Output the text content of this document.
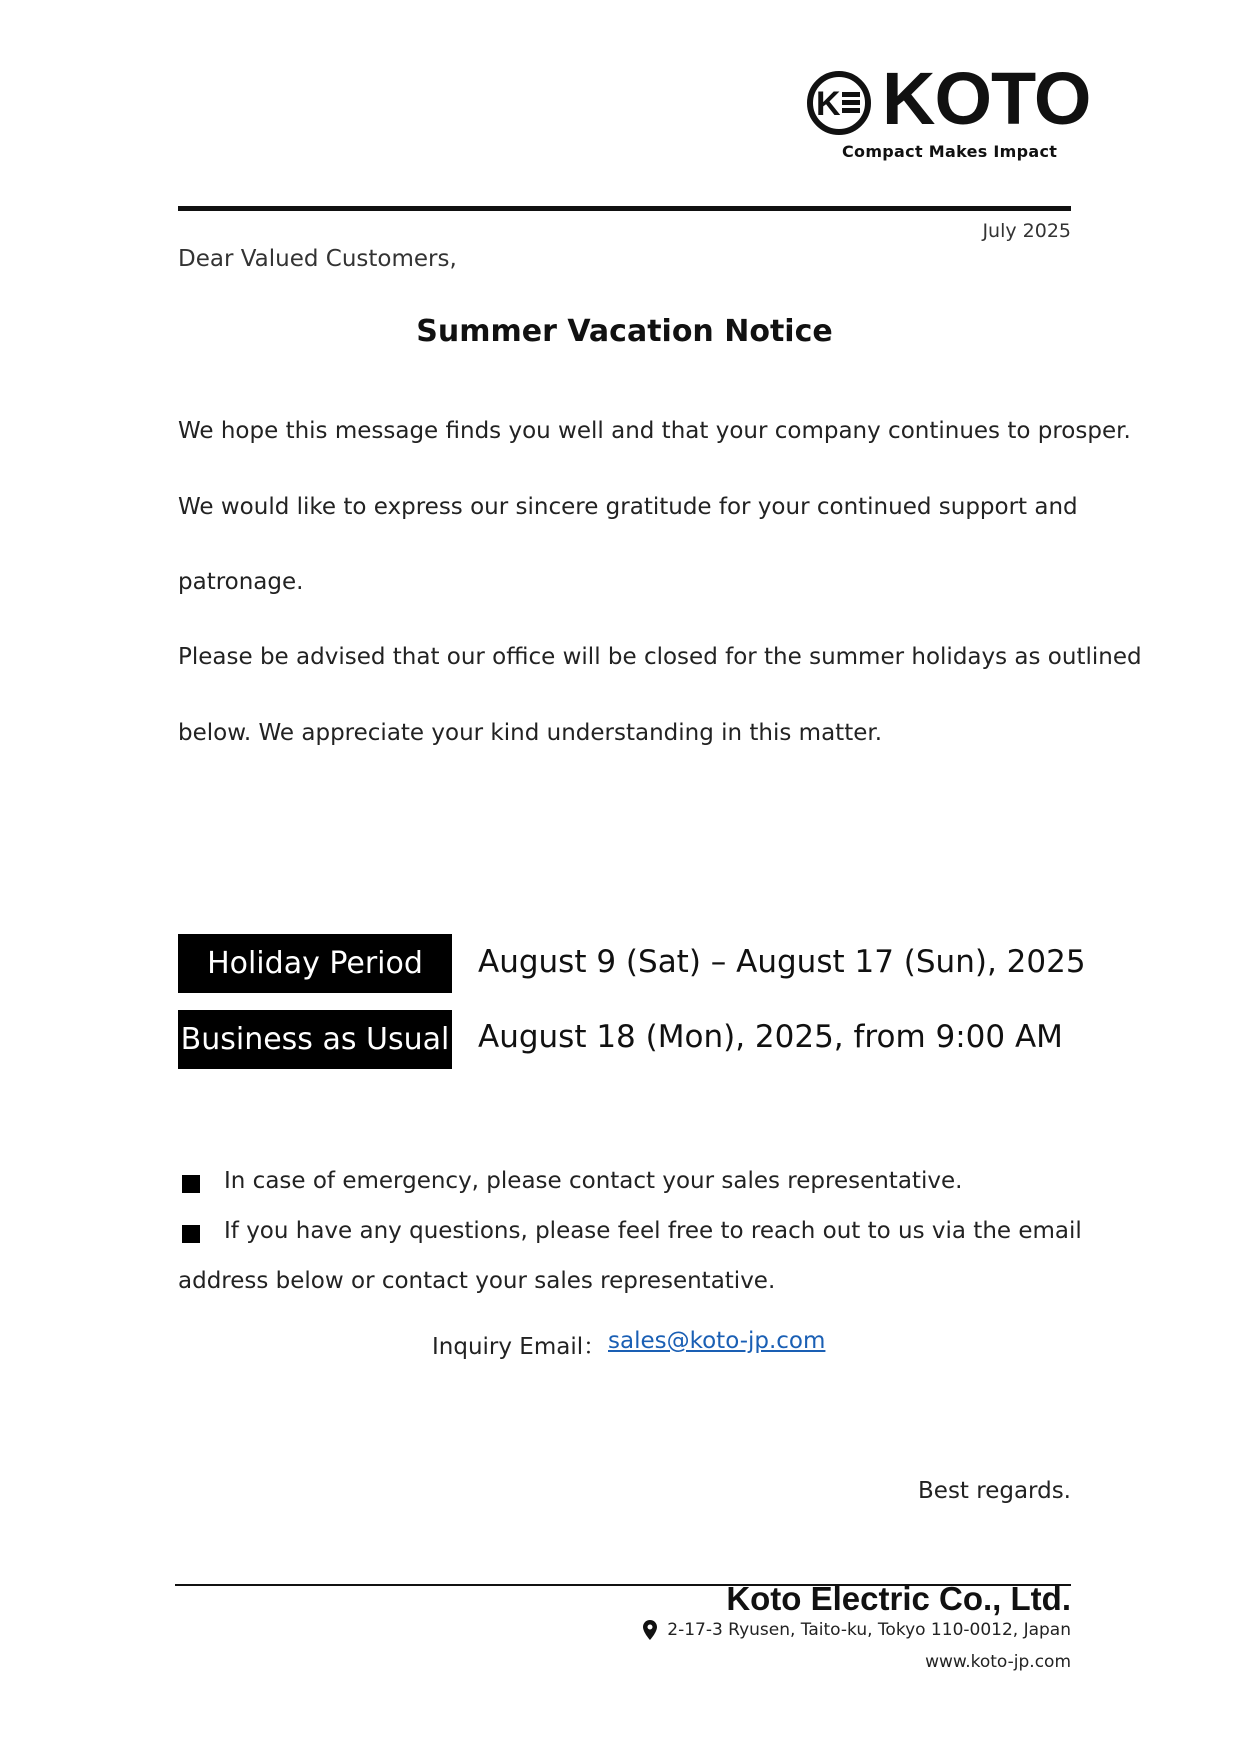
K KOTO
Compact Makes Impact
July 2025
Dear Valued Customers,
Summer Vacation Notice
We hope this message finds you well and that your company continues to prosper.
We would like to express our sincere gratitude for your continued support and
patronage.
Please be advised that our office will be closed for the summer holidays as outlined
below. We appreciate your kind understanding in this matter.
Holiday Period	August 9 (Sat) – August 17 (Sun), 2025
Business as Usual August 18 (Mon), 2025, from 9:00 AM
In case of emergency, please contact your sales representative.
If you have any questions, please feel free to reach out to us via the email
address below or contact your sales representative.
Inquiry Email： sales@koto-jp.com
Best regards.
Koto Electric Co., Ltd.
2-17-3 Ryusen, Taito-ku, Tokyo 110-0012, Japan
www.koto-jp.com
